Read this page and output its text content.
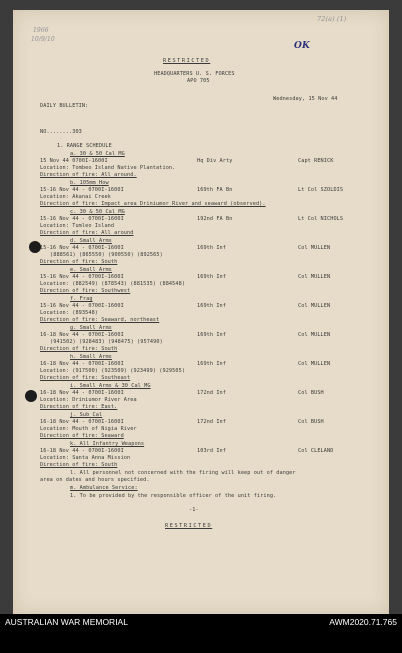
72(a) (1)
1966
10/9/10
OK
RESTRICTED
HEADQUARTERS U. S. FORCES
APO 705
Wednesday, 15 Nov 44
DAILY BULLETIN:
NO........303
1. RANGE SCHEDULE
a. 30 & 50 Cal MG
15 Nov 44 0700I-1600I
Location: Tombeo Island Native Plantation.
Direction of fire: All around.
b. 105mm How
15-16 Nov 44 - 0700I-1600I
Location: Akanai Creek
Direction of fire: Impact area Driniumor River and seaward (observed).
c. 30 & 50 Cal MG
15-16 Nov 44 - 0700I-1600I
Location: Tumleo Island
Direction of fire: All around
d. Small Arms
15-16 Nov 44 - 0700I-1600I
(888561) (865550) (900550) (892565)
Direction of fire: South
e. Small Arms
15-16 Nov 44 - 0700I-1600I
Location: (882549) (878543) (881535) (884548)
Direction of fire: Southwest
f. Frag
15-16 Nov 44 - 0700I-1600I
Location: (893548)
Direction of fire: Seaward, northeast
g. Small Arms
16-18 Nov 44 - 0700I-1600I
(941502) (928483) (948475) (957490)
Direction of fire: South
h. Small Arms
16-18 Nov 44 - 0700I-1600I
Location: (917500) (923509) (923499) (929505)
Direction of fire: Southeast
i. Small Arms & 30 Cal MG
16-18 Nov 44 - 0700I-1600I
Location: Driniumor River Area
Direction of fire: East.
j. Sub Cal
16-18 Nov 44 - 0700I-1600I
Location: Mouth of Nigia River
Direction of fire: Seaward
k. All Infantry Weapons
16-18 Nov 44 - 0700I-1600I
Location: Santa Anna Mission
Direction of fire: South
l. All personnel not concerned with the firing will keep out of danger
area on dates and hours specified.
m. Ambulance Service:
1. To be provided by the responsible officer of the unit firing.
Hq Div Arty
169th FA Bn
192nd FA Bn
169th Inf
169th Inf
169th Inf
169th Inf
169th Inf
172nd Inf
172nd Inf
103rd Inf
Capt RENICK
Lt Col SZOLDIS
Lt Col NICHOLS
Col MULLEN
Col MULLEN
Col MULLEN
Col MULLEN
Col MULLEN
Col BUSH
Col BUSH
Col CLELAND
-1-
RESTRICTED
AUSTRALIAN WAR MEMORIAL	AWM2020.71.765
